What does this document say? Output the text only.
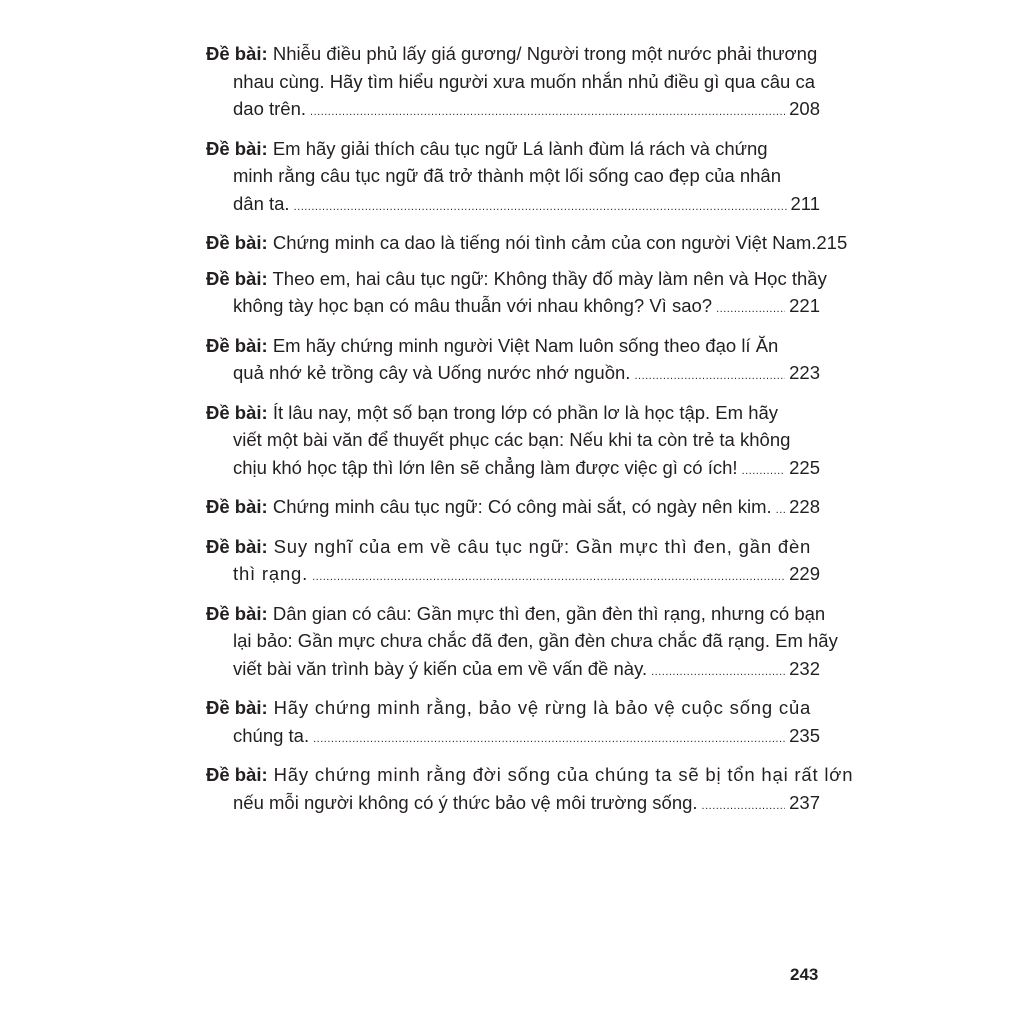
Đề bài: Nhiễu điều phủ lấy giá gương/ Người trong một nước phải thương
nhau cùng. Hãy tìm hiểu người xưa muốn nhắn nhủ điều gì qua câu ca
dao trên. .....	208
Đề bài: Em hãy giải thích câu tục ngữ Lá lành đùm lá rách và chứng
minh rằng câu tục ngữ đã trở thành một lối sống cao đẹp của nhân
dân ta. .....	211
Đề bài: Chứng minh ca dao là tiếng nói tình cảm của con người Việt Nam. 215
Đề bài: Theo em, hai câu tục ngữ: Không thầy đố mày làm nên và Học thầy
không tày học bạn có mâu thuẫn với nhau không? Vì sao? .....	221
Đề bài: Em hãy chứng minh người Việt Nam luôn sống theo đạo lí Ăn
quả nhớ kẻ trồng cây và Uống nước nhớ nguồn. .....	223
Đề bài: Ít lâu nay, một số bạn trong lớp có phần lơ là học tập. Em hãy
viết một bài văn để thuyết phục các bạn: Nếu khi ta còn trẻ ta không
chịu khó học tập thì lớn lên sẽ chẳng làm được việc gì có ích! .....	225
Đề bài: Chứng minh câu tục ngữ: Có công mài sắt, có ngày nên kim. ..... 228
Đề bài: Suy nghĩ của em về câu tục ngữ: Gần mực thì đen, gần đèn
thì rạng. .....	229
Đề bài: Dân gian có câu: Gần mực thì đen, gần đèn thì rạng, nhưng có bạn
lại bảo: Gần mực chưa chắc đã đen, gần đèn chưa chắc đã rạng. Em hãy
viết bài văn trình bày ý kiến của em về vấn đề này. .....	232
Đề bài: Hãy chứng minh rằng, bảo vệ rừng là bảo vệ cuộc sống của
chúng ta. .....	235
Đề bài: Hãy chứng minh rằng đời sống của chúng ta sẽ bị tổn hại rất lớn
nếu mỗi người không có ý thức bảo vệ môi trường sống. .....	237
243
